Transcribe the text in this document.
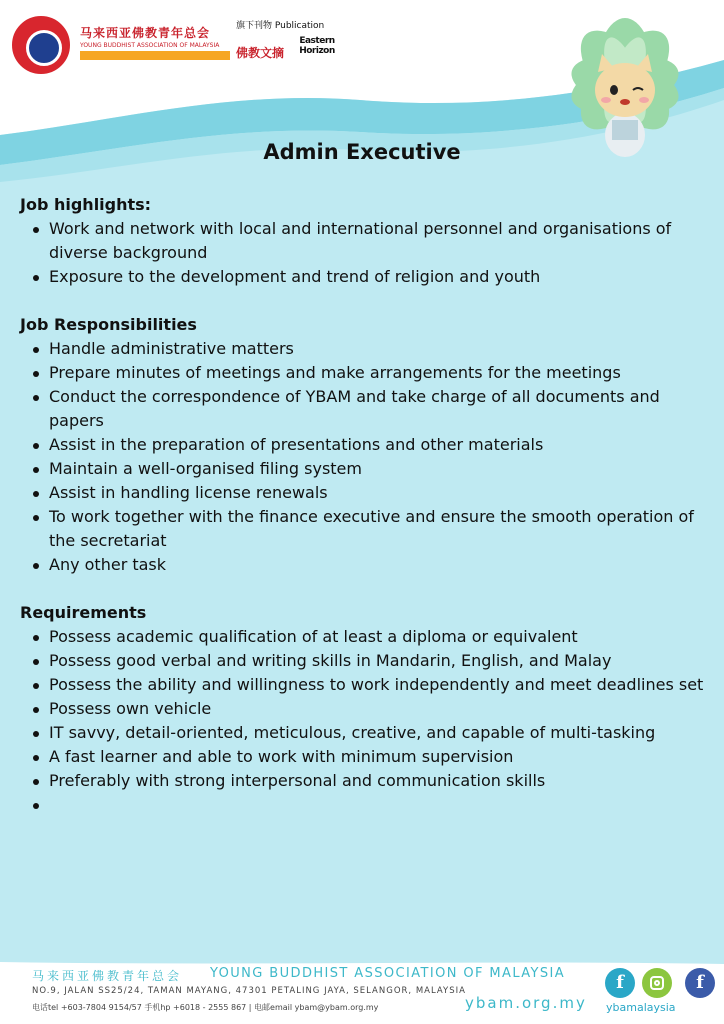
马来西亚佛教青年总会
YOUNG BUDDHIST ASSOCIATION OF MALAYSIA
旗下刊物 Publication
佛教文摘
Eastern Horizon
Admin Executive
Job highlights:
Work and network with local and international personnel and organisations of diverse background
Exposure to the development and trend of religion and youth
Job Responsibilities
Handle administrative matters
Prepare minutes of meetings and make arrangements for the meetings
Conduct the correspondence of YBAM and take charge of all documents and papers
Assist in the preparation of presentations and other materials
Maintain a well-organised filing system
Assist in handling license renewals
To work together with the finance executive and ensure the smooth operation of the secretariat
Any other task
Requirements
Possess academic qualification of at least a diploma or equivalent
Possess good verbal and writing skills in Mandarin, English, and Malay
Possess the ability and willingness to work independently and meet deadlines set
Possess own vehicle
IT savvy, detail-oriented, meticulous, creative, and capable of multi-tasking
A fast learner and able to work with minimum supervision
Preferably with strong interpersonal and communication skills
马来西亚佛教青年总会 YOUNG BUDDHIST ASSOCIATION OF MALAYSIA
NO.9, JALAN SS25/24, TAMAN MAYANG, 47301 PETALING JAYA, SELANGOR, MALAYSIA
电话tel +603-7804 9154/57 手机hp +6018 - 2555 867 | 电邮email ybam@ybam.org.my	ybam.org.my
f	f
ybamalaysia
